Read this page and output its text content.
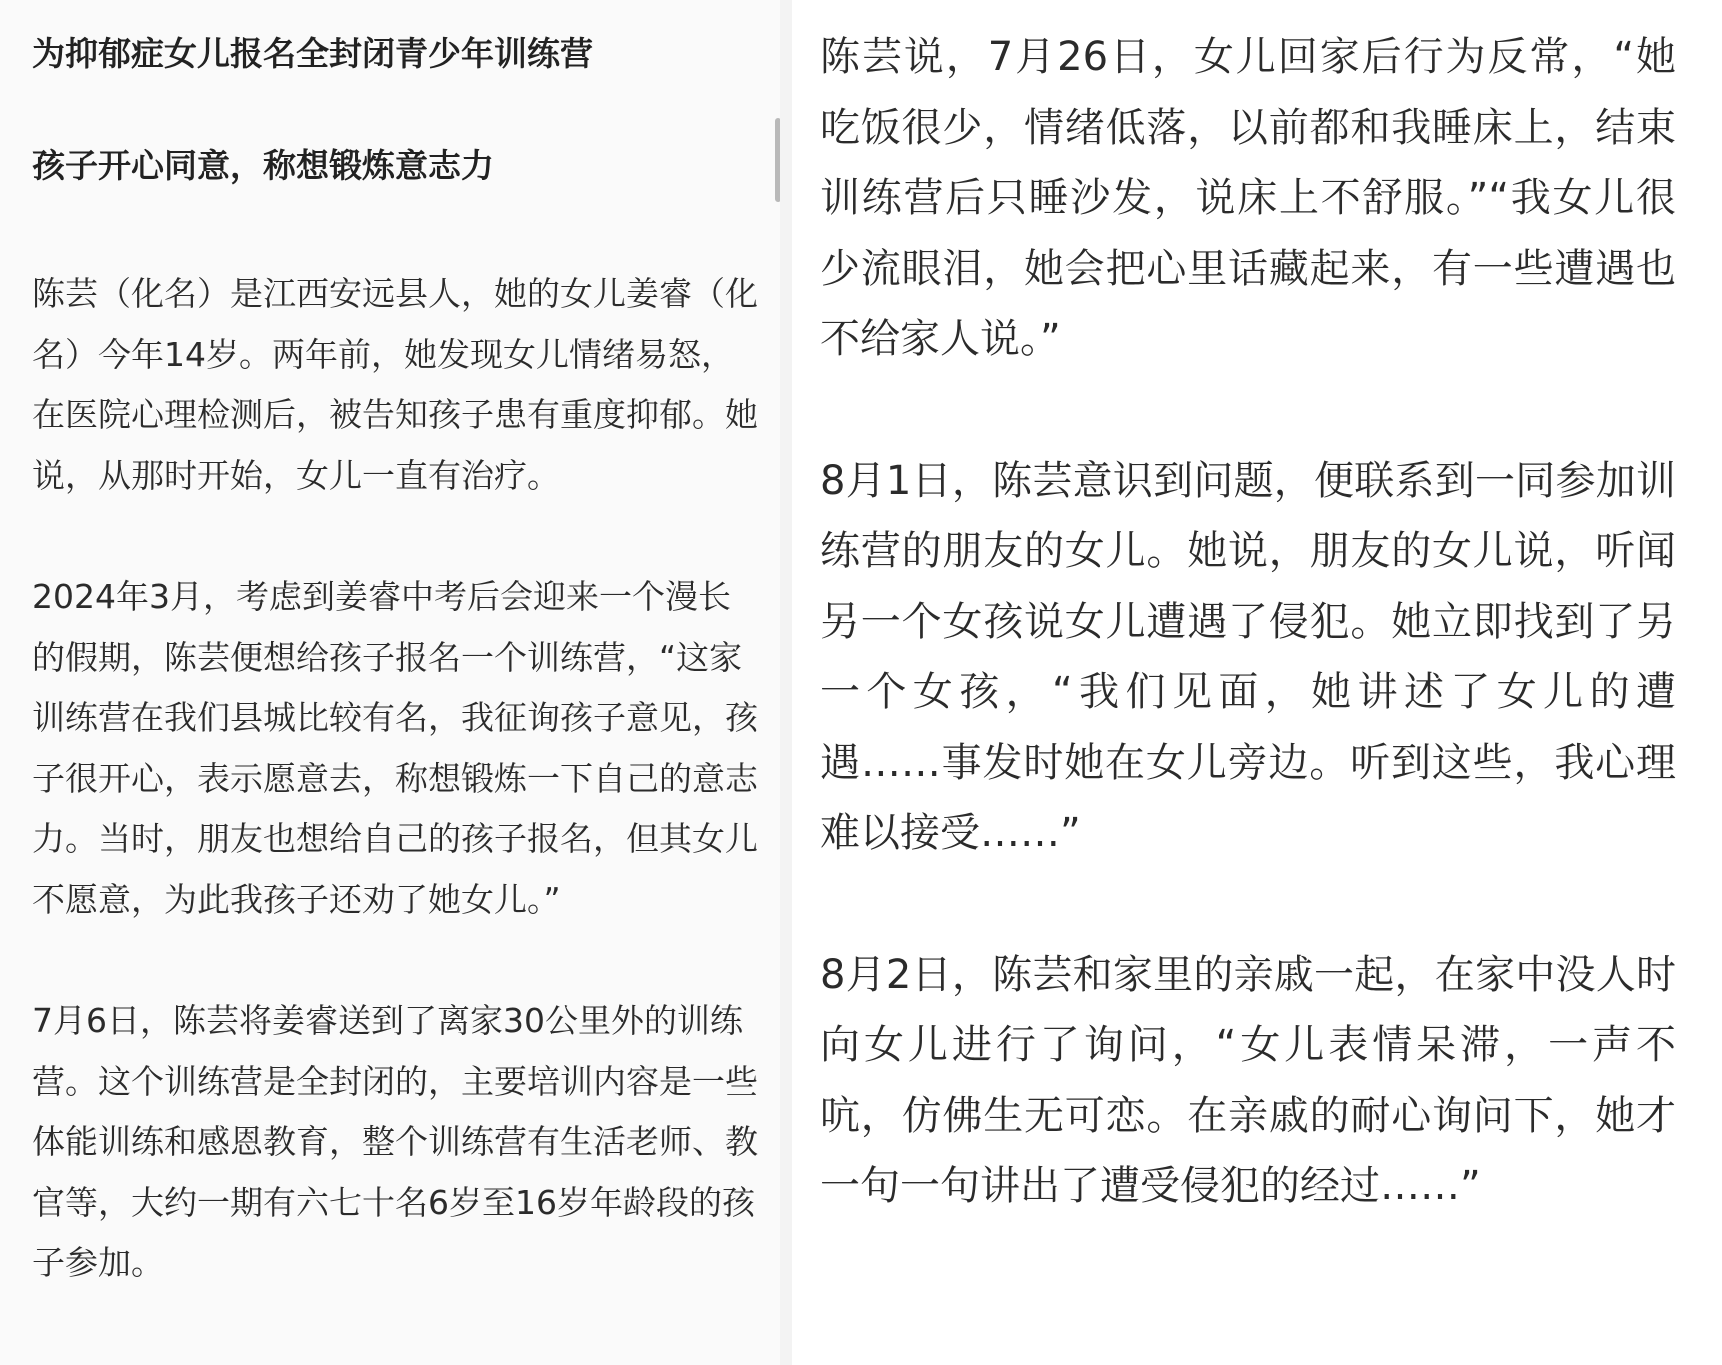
为抑郁症女儿报名全封闭青少年训练营

孩子开心同意，称想锻炼意志力

陈芸（化名）是江西安远县人，她的女儿姜睿（化名）今年14岁。两年前，她发现女儿情绪易怒，在医院心理检测后，被告知孩子患有重度抑郁。她说，从那时开始，女儿一直有治疗。

2024年3月，考虑到姜睿中考后会迎来一个漫长的假期，陈芸便想给孩子报名一个训练营，“这家训练营在我们县城比较有名，我征询孩子意见，孩子很开心，表示愿意去，称想锻炼一下自己的意志力。当时，朋友也想给自己的孩子报名，但其女儿不愿意，为此我孩子还劝了她女儿。”

7月6日，陈芸将姜睿送到了离家30公里外的训练营。这个训练营是全封闭的，主要培训内容是一些体能训练和感恩教育，整个训练营有生活老师、教官等，大约一期有六七十名6岁至16岁年龄段的孩子参加。

陈芸说，7月26日，女儿回家后行为反常，“她吃饭很少，情绪低落，以前都和我睡床上，结束训练营后只睡沙发，说床上不舒服。”“我女儿很少流眼泪，她会把心里话藏起来，有一些遭遇也不给家人说。”

8月1日，陈芸意识到问题，便联系到一同参加训练营的朋友的女儿。她说，朋友的女儿说，听闻另一个女孩说女儿遭遇了侵犯。她立即找到了另一个女孩，“我们见面，她讲述了女儿的遭遇……事发时她在女儿旁边。听到这些，我心理难以接受……”

8月2日，陈芸和家里的亲戚一起，在家中没人时向女儿进行了询问，“女儿表情呆滞，一声不吭，仿佛生无可恋。在亲戚的耐心询问下，她才一句一句讲出了遭受侵犯的经过……”
